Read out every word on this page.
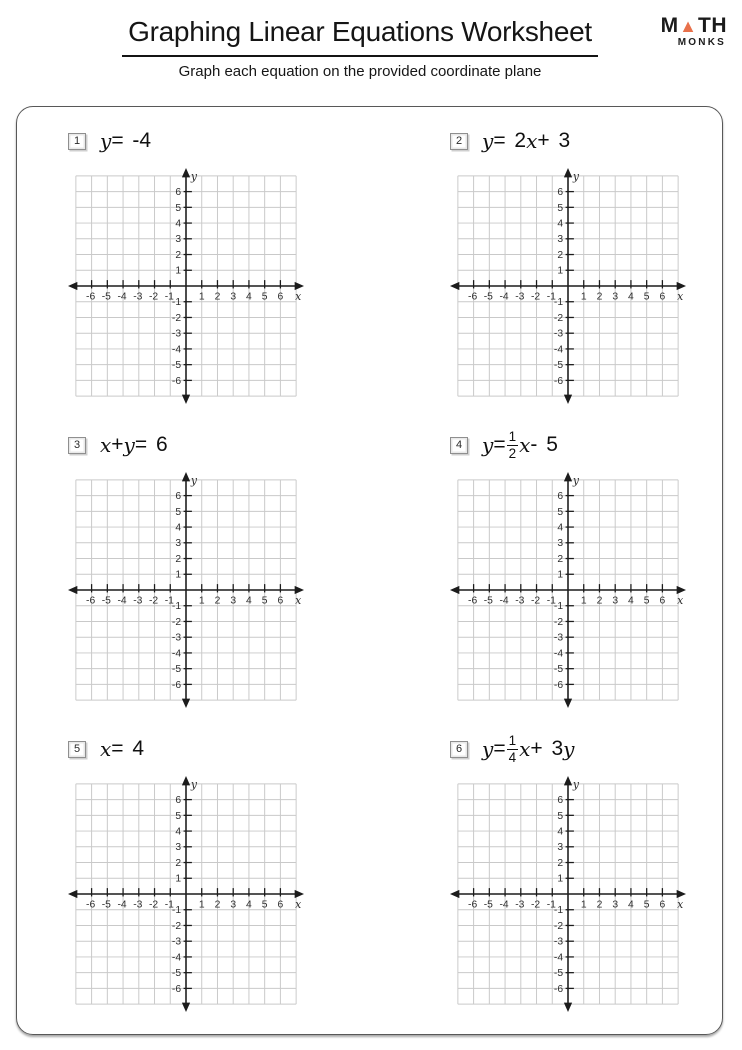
Graphing Linear Equations Worksheet
Graph each equation on the provided coordinate plane
M ▲ TH
MONKS
1 y = -4
-6 -5 -4 -3 -2 -1 1 2 3 4 5 6
6
5
4
3
2
1
-1
-2
-3
-4
-5
-6
y
x
2 y = 2 x + 3
-6 -5 -4 -3 -2 -1 1 2 3 4 5 6
6
5
4
3
2
1
-1
-2
-3
-4
-5
-6
y
x
3 x + y = 6
-6 -5 -4 -3 -2 -1 1 2 3 4 5 6
6
5
4
3
2
1
-1
-2
-3
-4
-5
-6
y
x
4 $y = \frac{1}{2}$ x - 5
-6 -5 -4 -3 -2 -1 1 2 3 4 5 6
6
5
4
3
2
1
-1
-2
-3
-4
-5
-6
y
x
5 x = 4
-6 -5 -4 -3 -2 -1 1 2 3 4 5 6
6
5
4
3
2
1
-1
-2
-3
-4
-5
-6
y
x
6 $y = \frac{1}{4}$ x + 3 y
-6 -5 -4 -3 -2 -1 1 2 3 4 5 6
6
5
4
3
2
1
-1
-2
-3
-4
-5
-6
y
x
